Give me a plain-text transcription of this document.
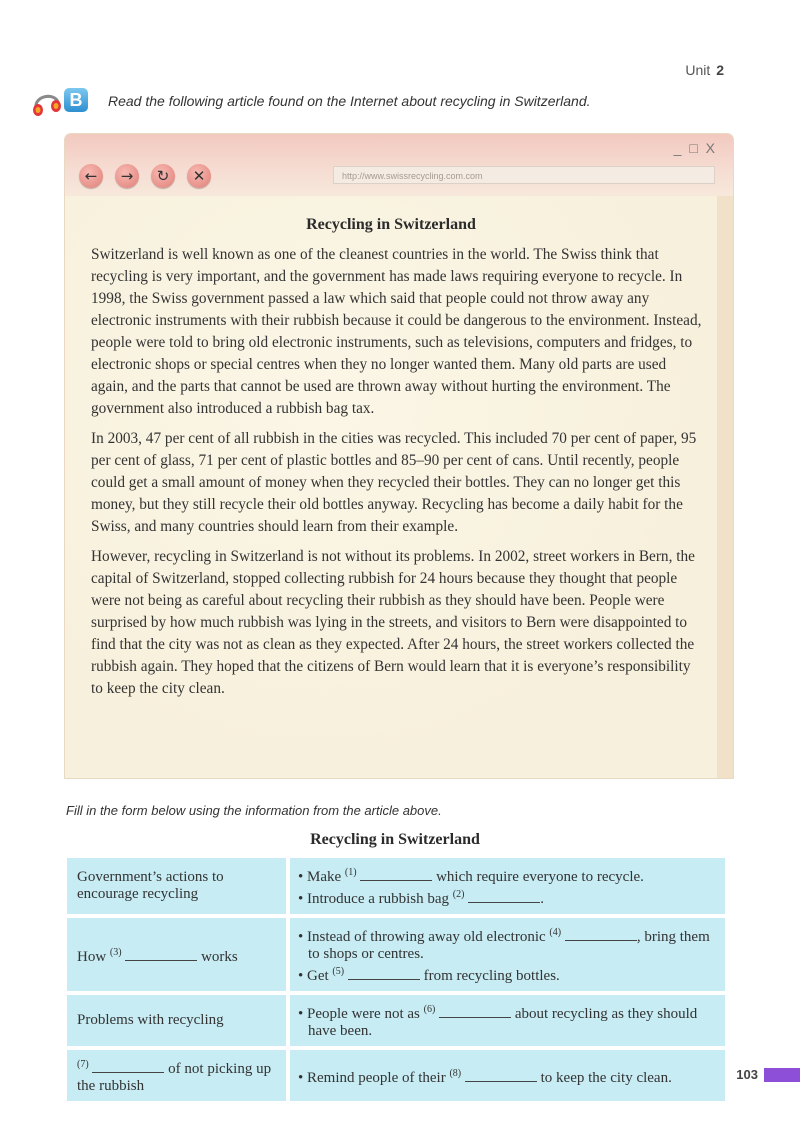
Unit 2
B	Read the following article found on the Internet about recycling in Switzerland.
_ □ X
←	→	↻	✕	http://www.swissrecycling.com.com
Recycling in Switzerland

Switzerland is well known as one of the cleanest countries in the world. The Swiss think that recycling is very important, and the government has made laws requiring everyone to recycle. In 1998, the Swiss government passed a law which said that people could not throw away any electronic instruments with their rubbish because it could be dangerous to the environment. Instead, people were told to bring old electronic instruments, such as televisions, computers and fridges, to electronic shops or special centres when they no longer wanted them. Many old parts are used again, and the parts that cannot be used are thrown away without hurting the environment. The government also introduced a rubbish bag tax.

In 2003, 47 per cent of all rubbish in the cities was recycled. This included 70 per cent of paper, 95 per cent of glass, 71 per cent of plastic bottles and 85–90 per cent of cans. Until recently, people could get a small amount of money when they recycled their bottles. They can no longer get this money, but they still recycle their old bottles anyway. Recycling has become a daily habit for the Swiss, and many countries should learn from their example.

However, recycling in Switzerland is not without its problems. In 2002, street workers in Bern, the capital of Switzerland, stopped collecting rubbish for 24 hours because they thought that people were not being as careful about recycling their rubbish as they should have been. People were surprised by how much rubbish was lying in the streets, and visitors to Bern were disappointed to find that the city was not as clean as they expected. After 24 hours, the street workers collected the rubbish again. They hoped that the citizens of Bern would learn that it is everyone’s responsibility to keep the city clean.

Fill in the form below using the information from the article above.
Recycling in Switzerland
Government’s actions to encourage recycling	• Make $^{(1)}$ which require everyone to recycle.
• Introduce a rubbish bag $^{(2)}$ .

How $^{(3)}$ works	• Instead of throwing away old electronic $^{(4)}$ , bring them to shops or centres.
• Get $^{(5)}$ from recycling bottles.

Problems with recycling	• People were not as $^{(6)}$ about recycling as they should have been.

$^{(7)}$ of not picking up the rubbish	• Remind people of their $^{(8)}$ to keep the city clean.	103
